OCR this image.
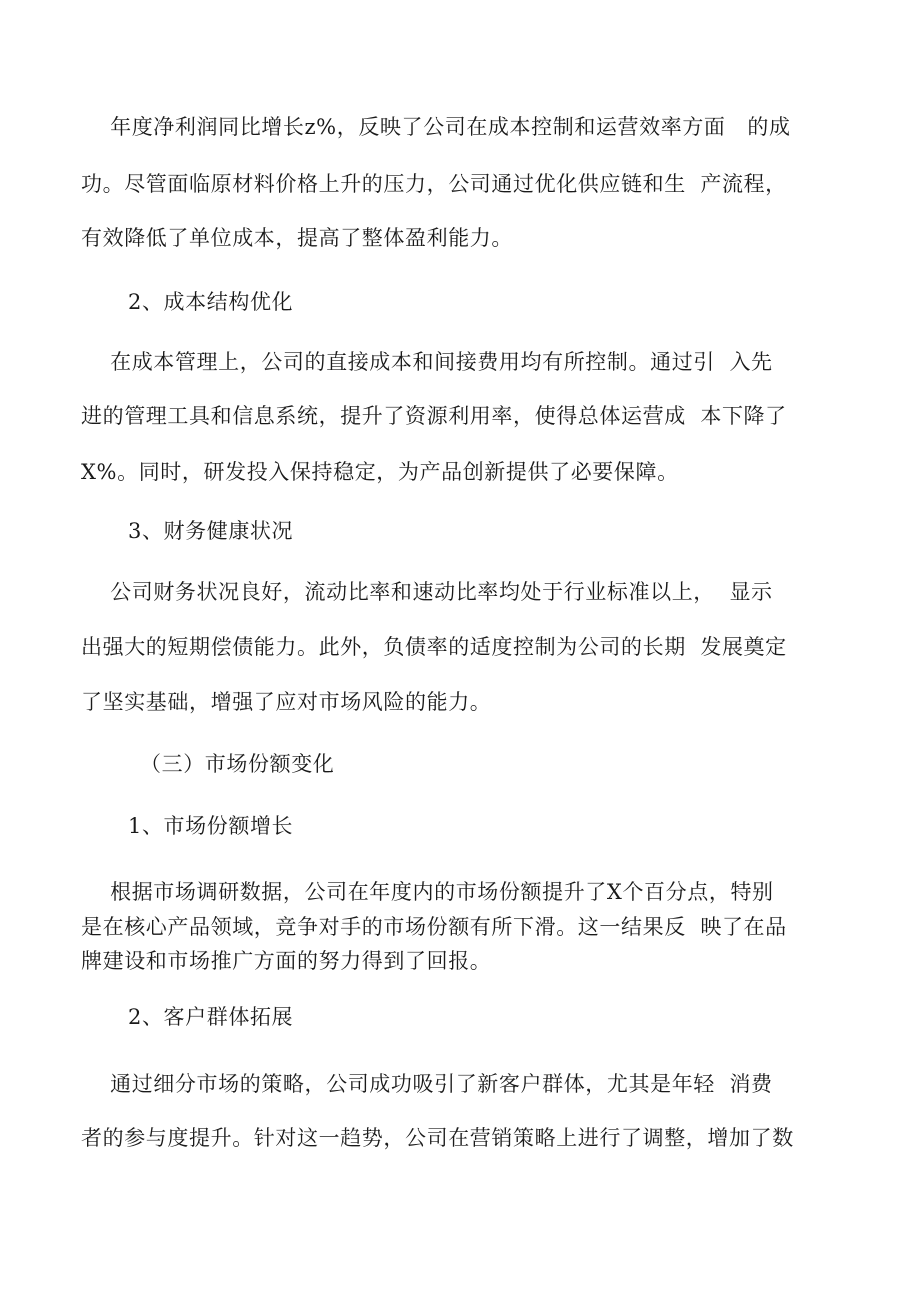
年度净利润同比增长z%，反映了公司在成本控制和运营效率方面   的成
功。尽管面临原材料价格上升的压力，公司通过优化供应链和生  产流程，
有效降低了单位成本，提高了整体盈利能力。
2、成本结构优化
在成本管理上，公司的直接成本和间接费用均有所控制。通过引  入先
进的管理工具和信息系统，提升了资源利用率，使得总体运营成  本下降了
X%。同时，研发投入保持稳定，为产品创新提供了必要保障。
3、财务健康状况
公司财务状况良好，流动比率和速动比率均处于行业标准以上，  显示
出强大的短期偿债能力。此外，负债率的适度控制为公司的长期  发展奠定
了坚实基础，增强了应对市场风险的能力。
（三）市场份额变化
1、市场份额增长
根据市场调研数据，公司在年度内的市场份额提升了X个百分点，特别
是在核心产品领域，竞争对手的市场份额有所下滑。这一结果反  映了在品
牌建设和市场推广方面的努力得到了回报。
2、客户群体拓展
通过细分市场的策略，公司成功吸引了新客户群体，尤其是年轻  消费
者的参与度提升。针对这一趋势，公司在营销策略上进行了调整，增加了数
